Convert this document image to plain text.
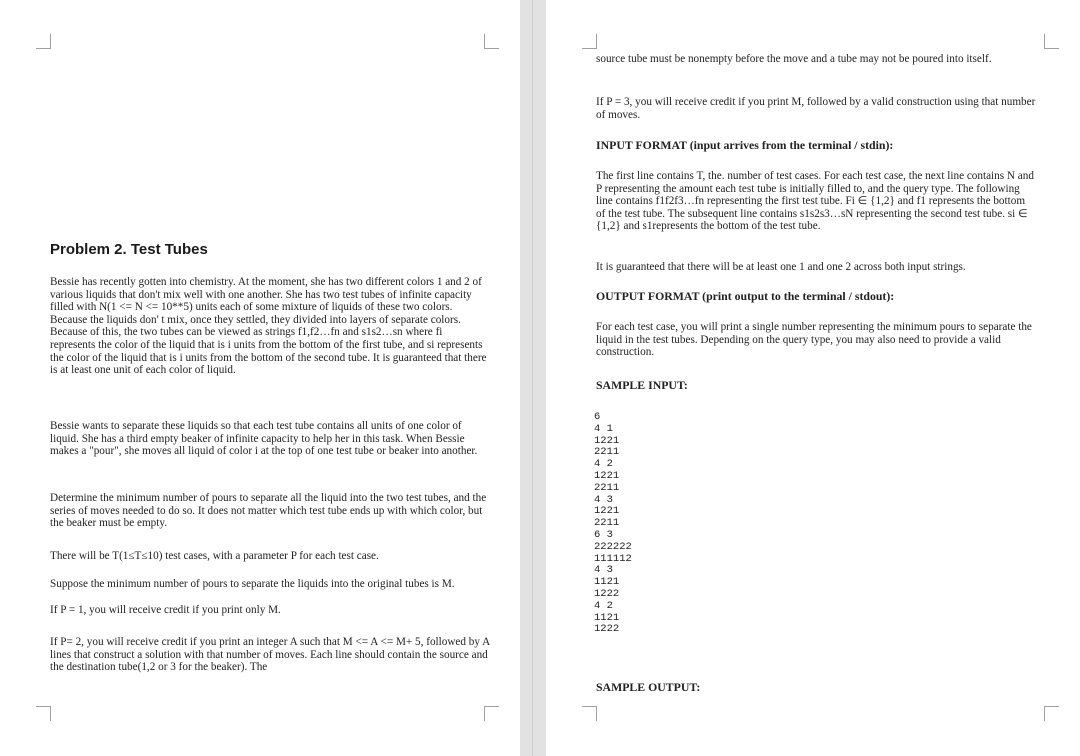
Problem 2. Test Tubes

Bessie has recently gotten into chemistry. At the moment, she has two different colors 1 and 2 of various liquids that don't mix well with one another. She has two test tubes of infinite capacity filled with N(1 <= N <= 10**5) units each of some mixture of liquids of these two colors. Because the liquids don' t mix, once they settled, they divided into layers of separate colors. Because of this, the two tubes can be viewed as strings f1,f2…fn and s1s2…sn where fi represents the color of the liquid that is i units from the bottom of the first tube, and si represents the color of the liquid that is i units from the bottom of the second tube. It is guaranteed that there is at least one unit of each color of liquid.

Bessie wants to separate these liquids so that each test tube contains all units of one color of liquid. She has a third empty beaker of infinite capacity to help her in this task. When Bessie makes a "pour", she moves all liquid of color i at the top of one test tube or beaker into another.

Determine the minimum number of pours to separate all the liquid into the two test tubes, and the series of moves needed to do so. It does not matter which test tube ends up with which color, but the beaker must be empty.

There will be T(1≤T≤10) test cases, with a parameter P for each test case.

Suppose the minimum number of pours to separate the liquids into the original tubes is M.

If P = 1, you will receive credit if you print only M.

If P= 2, you will receive credit if you print an integer A such that M <= A <= M+ 5, followed by A lines that construct a solution with that number of moves. Each line should contain the source and the destination tube(1,2 or 3 for the beaker). The

source tube must be nonempty before the move and a tube may not be poured into itself.

If P = 3, you will receive credit if you print M, followed by a valid construction using that number of moves.

INPUT FORMAT (input arrives from the terminal / stdin):

The first line contains T, the. number of test cases. For each test case, the next line contains N and P representing the amount each test tube is initially filled to, and the query type. The following line contains f1f2f3…fn representing the first test tube. Fi ∈ {1,2} and f1 represents the bottom of the test tube. The subsequent line contains s1s2s3…sN representing the second test tube. si ∈ {1,2} and s1represents the bottom of the test tube.

It is guaranteed that there will be at least one 1 and one 2 across both input strings.

OUTPUT FORMAT (print output to the terminal / stdout):

For each test case, you will print a single number representing the minimum pours to separate the liquid in the test tubes. Depending on the query type, you may also need to provide a valid construction.

SAMPLE INPUT:

6
4 1
1221
2211
4 2
1221
2211
4 3
1221
2211
6 3
222222
111112
4 3
1121
1222
4 2
1121
1222

SAMPLE OUTPUT:
